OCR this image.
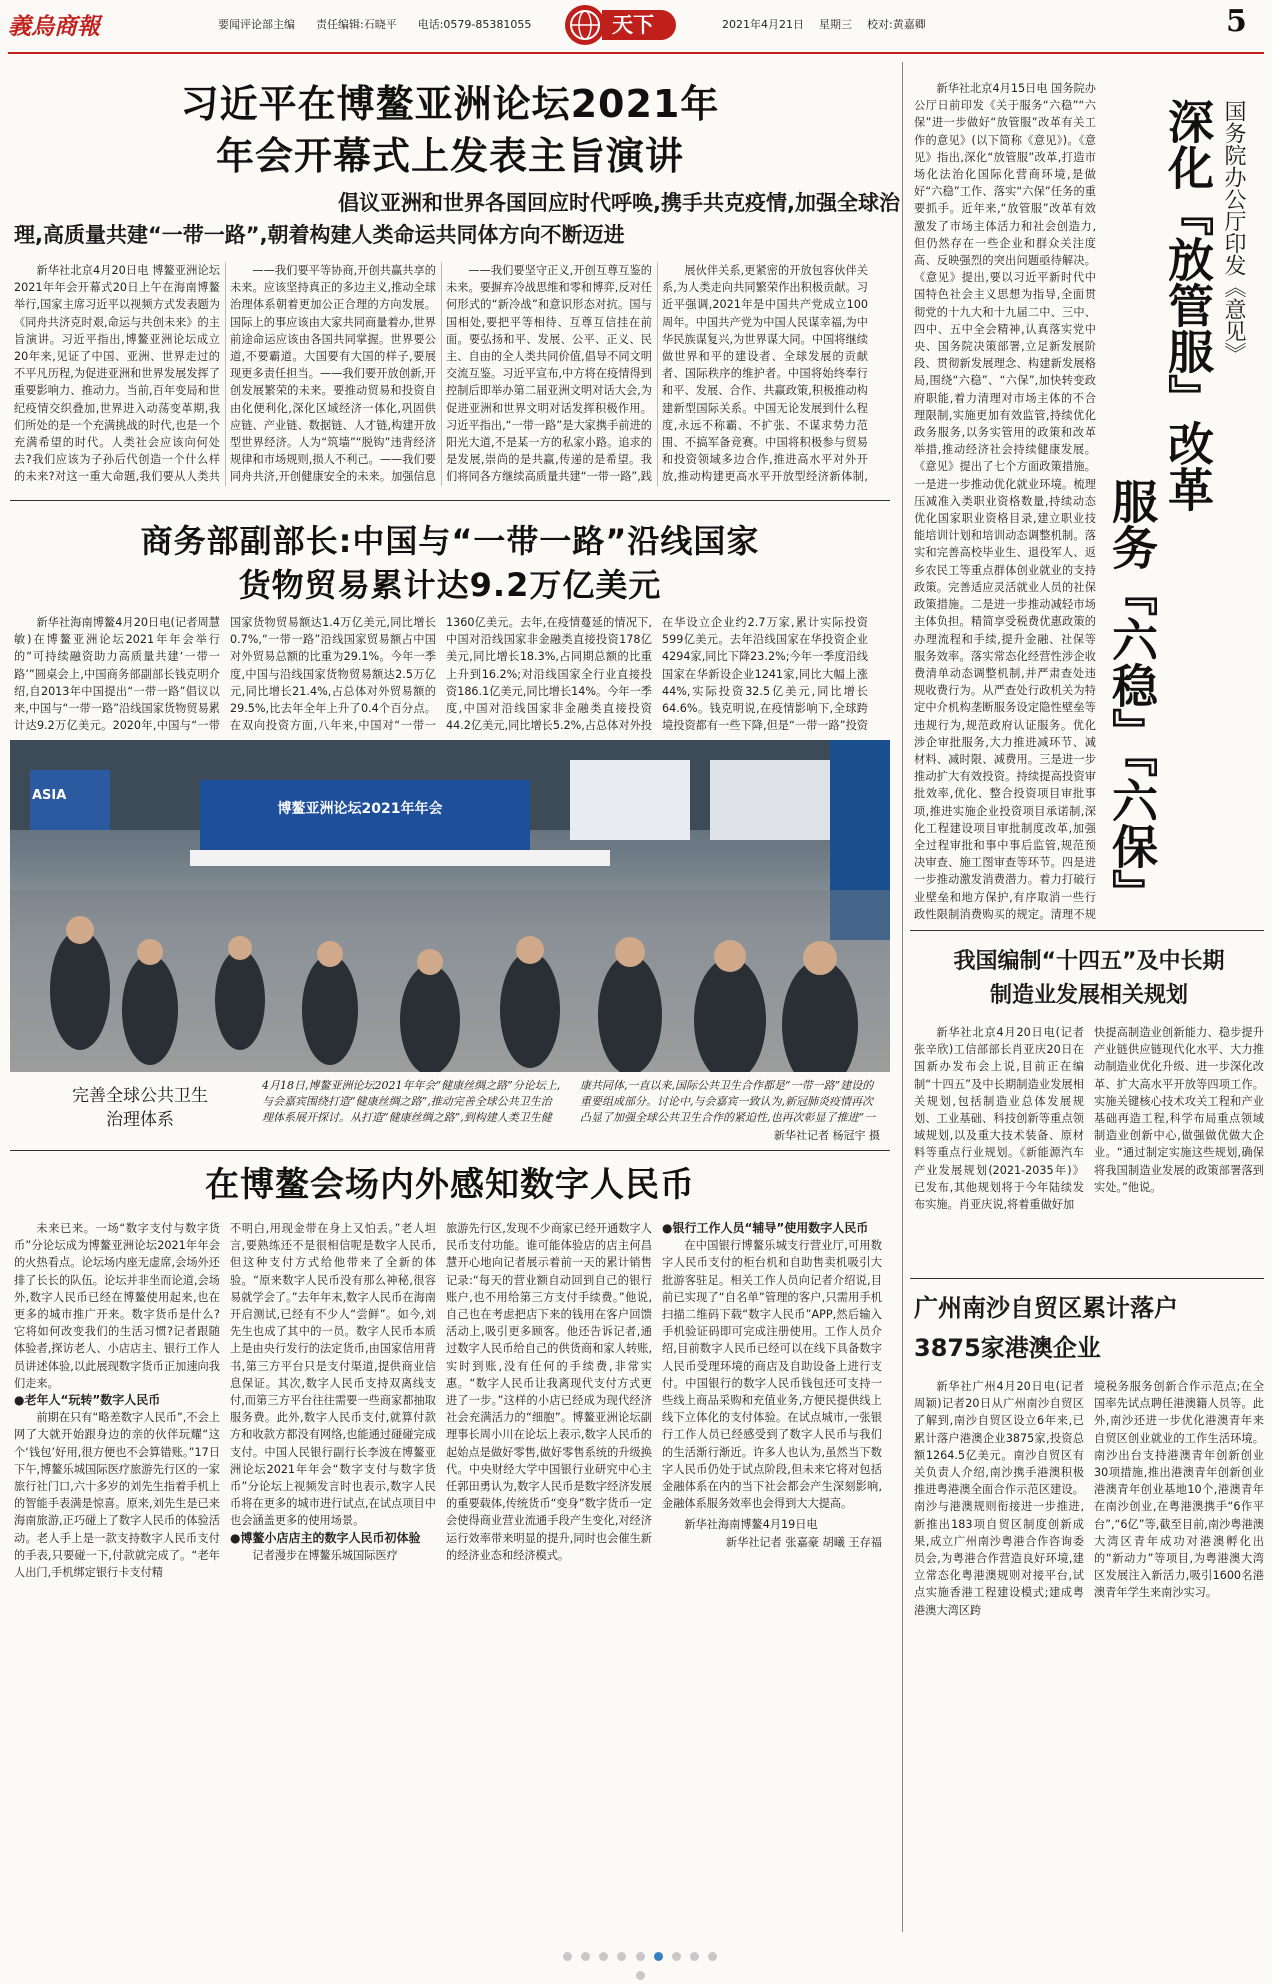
義烏商報	要闻评论部主编 责任编辑:石晓平 电话:0579-85381055	天下	2021年4月21日 星期三 校对:黄嘉卿	5
习近平在博鳌亚洲论坛2021年
年会开幕式上发表主旨演讲
倡议亚洲和世界各国回应时代呼唤,携手共克疫情,加强全球治
理,高质量共建“一带一路”,朝着构建人类命运共同体方向不断迈进

新华社北京4月20日电 博鳌亚洲论坛2021年年会开幕式20日上午在海南博鳌举行,国家主席习近平以视频方式发表题为《同舟共济克时艰,命运与共创未来》的主旨演讲。习近平指出,博鳌亚洲论坛成立20年来,见证了中国、亚洲、世界走过的不平凡历程,为促进亚洲和世界发展发挥了重要影响力、推动力。当前,百年变局和世纪疫情交织叠加,世界进入动荡变革期,我们所处的是一个充满挑战的时代,也是一个充满希望的时代。人类社会应该向何处去?我们应该为子孙后代创造一个什么样的未来?对这一重大命题,我们要从人类共

——我们要平等协商,开创共赢共享的未来。应该坚持真正的多边主义,推动全球治理体系朝着更加公正合理的方向发展。国际上的事应该由大家共同商量着办,世界前途命运应该由各国共同掌握。世界要公道,不要霸道。大国要有大国的样子,要展现更多责任担当。——我们要开放创新,开创发展繁荣的未来。要推动贸易和投资自由化便利化,深化区域经济一体化,巩固供应链、产业链、数据链、人才链,构建开放型世界经济。人为“筑墙”“脱钩”违背经济规律和市场规则,损人不利己。——我们要同舟共济,开创健康安全的未来。加强信息

——我们要坚守正义,开创互尊互鉴的未来。要摒弃冷战思维和零和博弈,反对任何形式的“新冷战”和意识形态对抗。国与国相处,要把平等相待、互尊互信挂在前面。要弘扬和平、发展、公平、正义、民主、自由的全人类共同价值,倡导不同文明交流互鉴。习近平宣布,中方将在疫情得到控制后即举办第二届亚洲文明对话大会,为促进亚洲和世界文明对话发挥积极作用。习近平指出,“一带一路”是大家携手前进的阳光大道,不是某一方的私家小路。追求的是发展,崇尚的是共赢,传递的是希望。我们将同各方继续高质量共建“一带一路”,践

展伙伴关系,更紧密的开放包容伙伴关系,为人类走向共同繁荣作出积极贡献。习近平强调,2021年是中国共产党成立100周年。中国共产党为中国人民谋幸福,为中华民族谋复兴,为世界谋大同。中国将继续做世界和平的建设者、全球发展的贡献者、国际秩序的维护者。中国将始终奉行和平、发展、合作、共赢政策,积极推动构建新型国际关系。中国无论发展到什么程度,永远不称霸、不扩张、不谋求势力范围、不搞军备竞赛。中国将积极参与贸易和投资领域多边合作,推进高水平对外开放,推动构建更高水平开放型经济新体制,

商务部副部长:中国与“一带一路”沿线国家
货物贸易累计达9.2万亿美元

新华社海南博鳌4月20日电(记者周慧敏)在博鳌亚洲论坛2021年年会举行的“可持续融资助力高质量共建‘一带一路’”圆桌会上,中国商务部副部长钱克明介绍,自2013年中国提出“一带一路”倡议以来,中国与“一带一路”沿线国家货物贸易累计达9.2万亿美元。2020年,中国与“一带

国家货物贸易额达1.4万亿美元,同比增长0.7%,“一带一路”沿线国家贸易额占中国对外贸易总额的比重为29.1%。今年一季度,中国与沿线国家货物贸易额达2.5万亿元,同比增长21.4%,占总体对外贸易额的29.5%,比去年全年上升了0.4个百分点。在双向投资方面,八年来,中国对“一带一

1360亿美元。去年,在疫情蔓延的情况下,中国对沿线国家非金融类直接投资178亿美元,同比增长18.3%,占同期总额的比重上升到16.2%;对沿线国家全行业直接投资186.1亿美元,同比增长14%。今年一季度,中国对沿线国家非金融类直接投资44.2亿美元,同比增长5.2%,占总体对外投

在华设立企业约2.7万家,累计实际投资599亿美元。去年沿线国家在华投资企业4294家,同比下降23.2%;今年一季度沿线国家在华新设企业1241家,同比大幅上涨44%,实际投资32.5亿美元,同比增长64.6%。钱克明说,在疫情影响下,全球跨境投资都有一些下降,但是“一带一路”投资

ASIA
博鳌亚洲论坛2021年年会
完善全球公共卫生
治理体系
4月18日,博鳌亚洲论坛2021年年会“健康丝绸之路”分论坛上,与会嘉宾围绕打造“健康丝绸之路”,推动完善全球公共卫生治理体系展开探讨。从打造“健康丝绸之路”,到构建人类卫生健康共同体,一直以来,国际公共卫生合作都是“一带一路”建设的重要组成部分。讨论中,与会嘉宾一致认为,新冠肺炎疫情再次凸显了加强全球公共卫生合作的紧迫性,也再次彰显了推进“一
新华社记者 杨冠宇 摄
在博鳌会场内外感知数字人民币

未来已来。一场“数字支付与数字货币”分论坛成为博鳌亚洲论坛2021年年会的火热看点。论坛场内座无虚席,会场外还排了长长的队伍。论坛并非坐而论道,会场外,数字人民币已经在博鳌使用起来,也在更多的城市推广开来。数字货币是什么?它将如何改变我们的生活习惯?记者跟随体验者,探访老人、小店店主、银行工作人员讲述体验,以此展现数字货币正加速向我们走来。

●老年人“玩转”数字人民币

前期在只有“略差数字人民币”,不会上网了大就开始跟身边的亲的伙伴玩耀“这个‘钱包’好用,很方便也不会算错账。”17日下午,博鳌乐城国际医疗旅游先行区的一家旅行社门口,六十多岁的刘先生指着手机上的智能手表满是惊喜。原来,刘先生是已来海南旅游,正巧碰上了数字人民币的体验活动。老人手上是一款支持数字人民币支付的手表,只要碰一下,付款就完成了。“老年人出门,手机绑定银行卡支付精

不明白,用现金带在身上又怕丢。”老人坦言,要熟练还不是很相信呢是数字人民币,但这种支付方式给他带来了全新的体验。“原来数字人民币没有那么神秘,很容易就学会了。”去年年末,数字人民币在海南开启测试,已经有不少人“尝鲜”。如今,刘先生也成了其中的一员。数字人民币本质上是由央行发行的法定货币,由国家信用背书,第三方平台只是支付渠道,提供商业信息保证。其次,数字人民币支持双离线支付,而第三方平台往往需要一些商家都抽取服务费。此外,数字人民币支付,就算付款方和收款方都没有网络,也能通过碰碰完成支付。中国人民银行副行长李波在博鳌亚洲论坛2021年年会“数字支付与数字货币”分论坛上视频发言时也表示,数字人民币将在更多的城市进行试点,在试点项目中也会涵盖更多的使用场景。

●博鳌小店店主的数字人民币初体验

记者漫步在博鳌乐城国际医疗

旅游先行区,发现不少商家已经开通数字人民币支付功能。谁可能体验店的店主何昌慧开心地向记者展示着前一天的累计销售记录:“每天的营业额自动回到自己的银行账户,也不用给第三方支付手续费。”他说,自己也在考虑把店下来的钱用在客户回馈活动上,吸引更多顾客。他还告诉记者,通过数字人民币给自己的供货商和家人转账,实时到账,没有任何的手续费,非常实惠。“数字人民币让我离现代支付方式更进了一步。”这样的小店已经成为现代经济社会充满活力的“细胞”。博鳌亚洲论坛副理事长周小川在论坛上表示,数字人民币的起始点是做好零售,做好零售系统的升级换代。中央财经大学中国银行业研究中心主任郭田勇认为,数字人民币是数字经济发展的重要载体,传统货币“变身”数字货币一定会使得商业营业流通手段产生变化,对经济运行效率带来明显的提升,同时也会催生新的经济业态和经济模式。

●银行工作人员“辅导”使用数字人民币

在中国银行博鳌乐城支行营业厅,可用数字人民币支付的柜台机和自助售卖机吸引大批游客驻足。相关工作人员向记者介绍说,目前已实现了“自名单”管理的客户,只需用手机扫描二维码下载“数字人民币”APP,然后输入手机验证码即可完成注册使用。工作人员介绍,目前数字人民币已经可以在线下具备数字人民币受理环境的商店及自助设备上进行支付。中国银行的数字人民币钱包还可支持一些线上商品采购和充值业务,方便民提供线上线下立体化的支付体验。在试点城市,一张银行工作人员已经感受到了数字人民币与我们的生活渐行渐近。许多人也认为,虽然当下数字人民币仍处于试点阶段,但未来它将对包括金融体系在内的当下社会都会产生深刻影响,金融体系服务效率也会得到大大提高。

新华社海南博鳌4月19日电

新华社记者 张嘉豪 胡曦 王存福

新华社北京4月15日电 国务院办公厅日前印发《关于服务“六稳”“六保”进一步做好“放管服”改革有关工作的意见》(以下简称《意见》)。《意见》指出,深化“放管服”改革,打造市场化法治化国际化营商环境,是做好“六稳”工作、落实“六保”任务的重要抓手。近年来,“放管服”改革有效激发了市场主体活力和社会创造力,但仍然存在一些企业和群众关注度高、反映强烈的突出问题亟待解决。《意见》提出,要以习近平新时代中国特色社会主义思想为指导,全面贯彻党的十九大和十九届二中、三中、四中、五中全会精神,认真落实党中央、国务院决策部署,立足新发展阶段、贯彻新发展理念、构建新发展格局,围绕“六稳”、“六保”,加快转变政府职能,着力清理对市场主体的不合理限制,实施更加有效监管,持续优化政务服务,以务实管用的政策和改革举措,推动经济社会持续健康发展。《意见》提出了七个方面政策措施。一是进一步推动优化就业环境。梳理压减准入类职业资格数量,持续动态优化国家职业资格目录,建立职业技能培训计划和培训动态调整机制。落实和完善高校毕业生、退役军人、返乡农民工等重点群体创业就业的支持政策。完善适应灵活就业人员的社保政策措施。二是进一步推动减轻市场主体负担。精简享受税费优惠政策的办理流程和手续,提升金融、社保等服务效率。落实常态化经营性涉企收费清单动态调整机制,并严肃查处违规收费行为。从严查处行政机关为特定中介机构垄断服务设定隐性壁垒等违规行为,规范政府认证服务。优化涉企审批服务,大力推进减环节、减材料、减时限、减费用。三是进一步推动扩大有效投资。持续提高投资审批效率,优化、整合投资项目审批事项,推进实施企业投资项目承诺制,深化工程建设项目审批制度改革,加强全过程审批和事中事后监管,规范预决审查、施工图审查等环节。四是进一步推动激发消费潜力。着力打破行业壁垒和地方保护,有序取消一些行政性限制消费购买的规定。清理不规

国务院办公厅印发《意见》
深化『放管服』改革
服务『六稳』『六保』
我国编制“十四五”及中长期
制造业发展相关规划

新华社北京4月20日电(记者张辛欣)工信部部长肖亚庆20日在国新办发布会上说,目前正在编制“十四五”及中长期制造业发展相关规划,包括制造业总体发展规划、工业基础、科技创新等重点领域规划,以及重大技术装备、原材料等重点行业规划。《新能源汽车产业发展规划(2021-2035年)》已发布,其他规划将于今年陆续发布实施。肖亚庆说,将着重做好加

快提高制造业创新能力、稳步提升产业链供应链现代化水平、大力推动制造业优化升级、进一步深化改革、扩大高水平开放等四项工作。实施关键核心技术攻关工程和产业基础再造工程,科学布局重点领域制造业创新中心,做强做优做大企业。“通过制定实施这些规划,确保将我国制造业发展的政策部署落到实处。”他说。

广州南沙自贸区累计落户
3875家港澳企业

新华社广州4月20日电(记者周颖)记者20日从广州南沙自贸区了解到,南沙自贸区设立6年来,已累计落户港澳企业3875家,投资总额1264.5亿美元。南沙自贸区有关负责人介绍,南沙携手港澳积极推进粤港澳全面合作示范区建设。南沙与港澳规则衔接进一步推进,新推出183项自贸区制度创新成果,成立广州南沙粤港合作咨询委员会,为粤港合作营造良好环境,建立常态化粤港澳规则对接平台,试点实施香港工程建设模式;建成粤港澳大湾区跨

境税务服务创新合作示范点;在全国率先试点聘任港澳籍人员等。此外,南沙还进一步优化港澳青年来自贸区创业就业的工作生活环境。南沙出台支持港澳青年创新创业30项措施,推出港澳青年创新创业港澳青年创业基地10个,港澳青年在南沙创业,在粤港澳携手“6作平台”,“6亿”等,截至目前,南沙粤港澳大湾区青年成功对港澳孵化出的“新动力”等项目,为粤港澳大湾区发展注入新活力,吸引1600名港澳青年学生来南沙实习。
